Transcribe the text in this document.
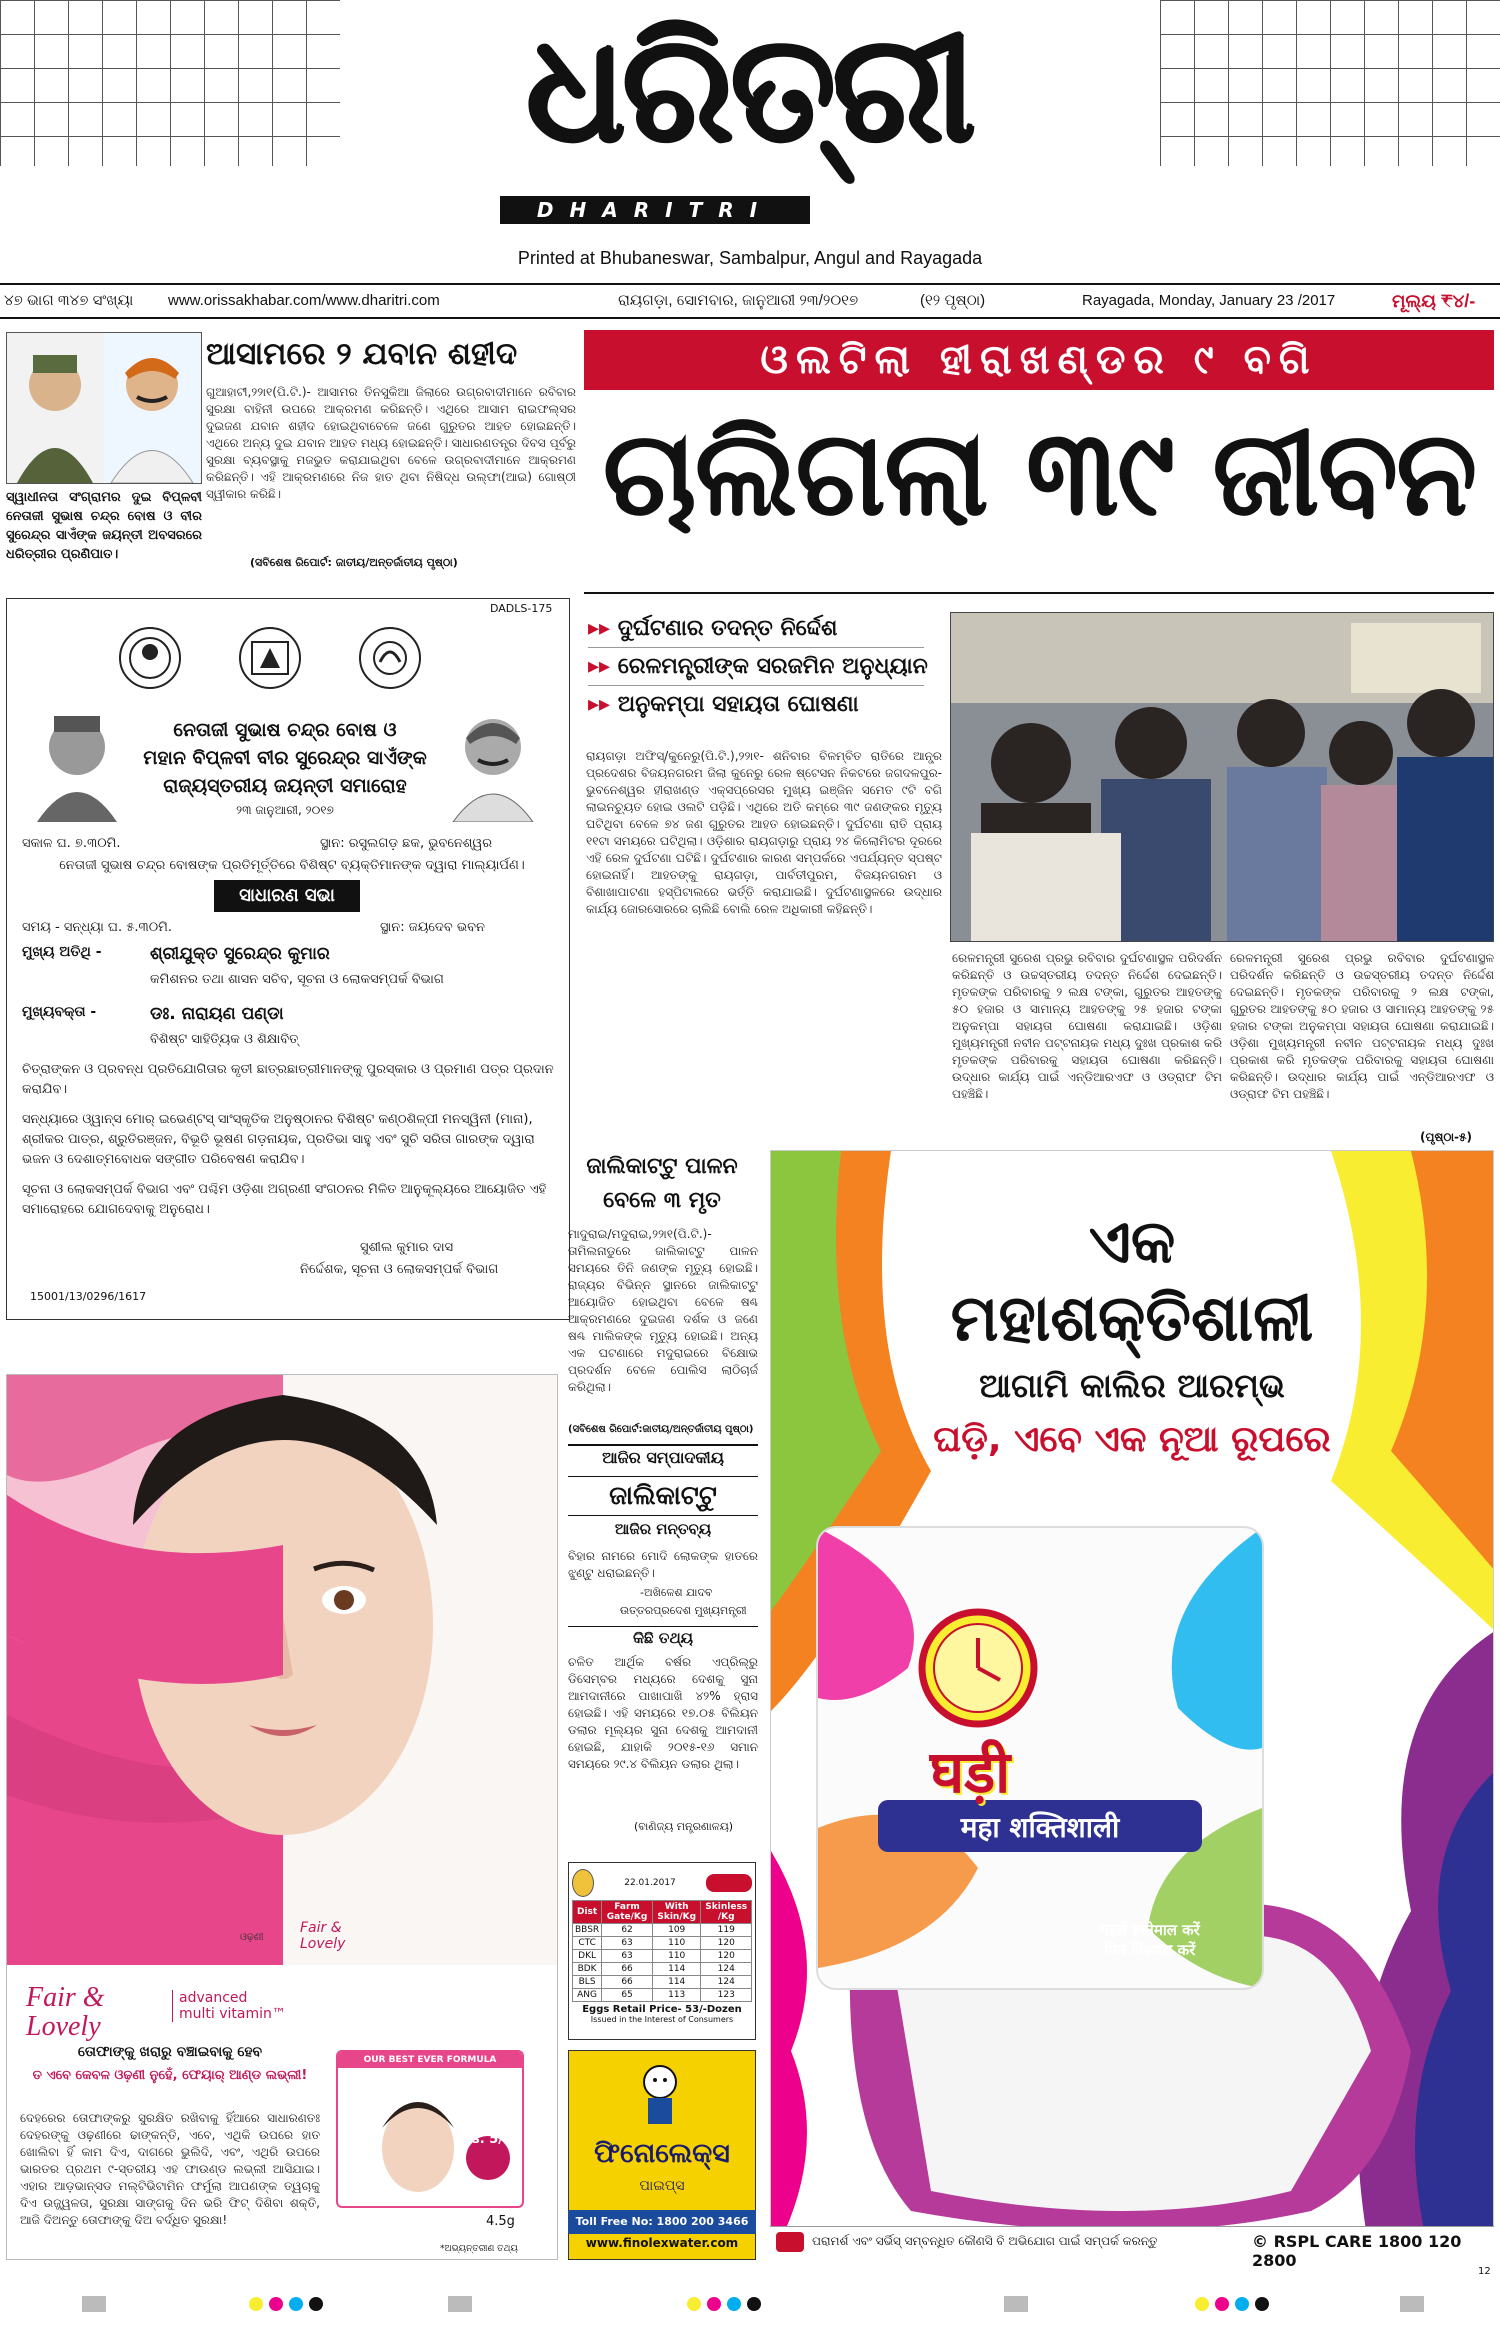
ଧରିତ୍ରୀ
DHARITRI
Printed at Bhubaneswar, Sambalpur, Angul and Rayagada
୪୭ ଭାଗ ୩୪୭ ସଂଖ୍ୟା www.orissakhabar.com/www.dharitri.com	ରାୟଗଡ଼ା, ସୋମବାର, ଜାନୁଆରୀ ୨୩/୨୦୧୭	(୧୨ ପୃଷ୍ଠା)	Rayagada, Monday, January 23 /2017	ମୂଲ୍ୟ ₹୪/-
ସ୍ୱାଧୀନତା ସଂଗ୍ରାମର ଦୁଇ ବିପ୍ଳବୀ ନେତାଜୀ ସୁଭାଷ ଚନ୍ଦ୍ର ବୋଷ ଓ ବୀର ସୁରେନ୍ଦ୍ର ସାଏଁଙ୍କ ଜୟନ୍ତୀ ଅବସରରେ ଧରିତ୍ରୀର ପ୍ରଣିପାତ।
ଆସାମରେ ୨ ଯବାନ ଶହୀଦ
ଗୁଆହାଟୀ,୨୨ା୧(ପି.ଟି.)- ଆସାମର ତିନସୁକିଆ ଜିଲାରେ ଉଗ୍ରବାଦୀମାନେ ରବିବାର ସୁରକ୍ଷା ବାହିନୀ ଉପରେ ଆକ୍ରମଣ କରିଛନ୍ତି। ଏଥିରେ ଆସାମ ରାଇଫଲ୍ସର ଦୁଇଜଣ ଯବାନ ଶହୀଦ ହୋଇଥିବାବେଳେ ଜଣେ ଗୁରୁତର ଆହତ ହୋଇଛନ୍ତି। ଏଥିରେ ଅନ୍ୟ ଦୁଇ ଯବାନ ଆହତ ମଧ୍ୟ ହୋଇଛନ୍ତି। ସାଧାରଣତନ୍ତ୍ର ଦିବସ ପୂର୍ବରୁ ସୁରକ୍ଷା ବ୍ୟବସ୍ଥାକୁ ମଜଭୁତ କରାଯାଇଥିବା ବେଳେ ଉଗ୍ରବାଦୀମାନେ ଆକ୍ରମଣ କରିଛନ୍ତି। ଏହି ଆକ୍ରମଣରେ ନିଜ ହାତ ଥିବା ନିଷିଦ୍ଧ ଉଲ୍‌ଫା(ଆଇ) ଗୋଷ୍ଠୀ ସ୍ୱୀକାର କରିଛି।
(ସବିଶେଷ ରିପୋର୍ଟ: ଜାତୀୟ/ଅନ୍ତର୍ଜାତୀୟ ପୃଷ୍ଠା)
ଓଲଟିଲା ହୀରାଖଣ୍ଡର ୯ ବଗି
ଚାଲିଗଲା ୩୯ ଜୀବନ
▸▸ ଦୁର୍ଘଟଣାର ତଦନ୍ତ ନିର୍ଦ୍ଦେଶ
▸▸ ରେଳମନ୍ତ୍ରୀଙ୍କ ସରଜମିନ ଅନୁଧ୍ୟାନ
▸▸ ଅନୁକମ୍ପା ସହାୟତା ଘୋଷଣା
ରାୟଗଡ଼ା ଅଫିସ୍/କୁନେରୁ(ପି.ଟି.),୨୨ା୧- ଶନିବାର ବିଳମ୍ବିତ ରାତିରେ ଆନ୍ଧ୍ର ପ୍ରଦେଶର ବିଜୟନଗରମ ଜିଲା କୁନେରୁ ରେଳ ଷ୍ଟେସନ ନିକଟରେ ଜଗଦଳପୁର-ଭୁବନେଶ୍ୱର ହୀରାଖଣ୍ଡ ଏକ୍ସପ୍ରେସର ମୁଖ୍ୟ ଇଞ୍ଜିନ ସମେତ ୯ଟି ବଗି ଲାଇନଚ୍ୟୁତ ହୋଇ ଓଲଟି ପଡ଼ିଛି। ଏଥିରେ ଅତି କମ୍‌ରେ ୩୯ ଜଣଙ୍କର ମୃତ୍ୟୁ ଘଟିଥିବା ବେଳେ ୭୪ ଜଣ ଗୁରୁତର ଆହତ ହୋଇଛନ୍ତି। ଦୁର୍ଘଟଣା ରାତି ପ୍ରାୟ ୧୧ଟା ସମୟରେ ଘଟିଥିଲା। ଓଡ଼ିଶାର ରାୟଗଡ଼ାରୁ ପ୍ରାୟ ୨୪ କିଲୋମିଟର ଦୂରରେ ଏହି ରେଳ ଦୁର୍ଘଟଣା ଘଟିଛି। ଦୁର୍ଘଟଣାର କାରଣ ସମ୍ପର୍କରେ ଏପର୍ଯ୍ୟନ୍ତ ସ୍ପଷ୍ଟ ହୋଇନାହିଁ। ଆହତଙ୍କୁ ରାୟଗଡ଼ା, ପାର୍ବତୀପୁରମ, ବିଜୟନଗରମ ଓ ବିଶାଖାପାଟଣା ହସ୍ପିଟାଲରେ ଭର୍ତ୍ତି କରାଯାଇଛି। ଦୁର୍ଘଟଣାସ୍ଥଳରେ ଉଦ୍ଧାର କାର୍ଯ୍ୟ ଜୋରସୋରରେ ଚାଲିଛି ବୋଲି ରେଳ ଅଧିକାରୀ କହିଛନ୍ତି।
ରେଳମନ୍ତ୍ରୀ ସୁରେଶ ପ୍ରଭୁ ରବିବାର ଦୁର୍ଘଟଣାସ୍ଥଳ ପରିଦର୍ଶନ କରିଛନ୍ତି ଓ ଉଚ୍ଚସ୍ତରୀୟ ତଦନ୍ତ ନିର୍ଦ୍ଦେଶ ଦେଇଛନ୍ତି। ମୃତକଙ୍କ ପରିବାରକୁ ୨ ଲକ୍ଷ ଟଙ୍କା, ଗୁରୁତର ଆହତଙ୍କୁ ୫୦ ହଜାର ଓ ସାମାନ୍ୟ ଆହତଙ୍କୁ ୨୫ ହଜାର ଟଙ୍କା ଅନୁକମ୍ପା ସହାୟତା ଘୋଷଣା କରାଯାଇଛି। ଓଡ଼ିଶା ମୁଖ୍ୟମନ୍ତ୍ରୀ ନବୀନ ପଟ୍ଟନାୟକ ମଧ୍ୟ ଦୁଃଖ ପ୍ରକାଶ କରି ମୃତକଙ୍କ ପରିବାରକୁ ସହାୟତା ଘୋଷଣା କରିଛନ୍ତି। ଉଦ୍ଧାର କାର୍ଯ୍ୟ ପାଇଁ ଏନ୍‌ଡିଆରଏଫ ଓ ଓଡ୍ରାଫ ଟିମ ପହଞ୍ଚିଛି।
ରେଳମନ୍ତ୍ରୀ ସୁରେଶ ପ୍ରଭୁ ରବିବାର ଦୁର୍ଘଟଣାସ୍ଥଳ ପରିଦର୍ଶନ କରିଛନ୍ତି ଓ ଉଚ୍ଚସ୍ତରୀୟ ତଦନ୍ତ ନିର୍ଦ୍ଦେଶ ଦେଇଛନ୍ତି। ମୃତକଙ୍କ ପରିବାରକୁ ୨ ଲକ୍ଷ ଟଙ୍କା, ଗୁରୁତର ଆହତଙ୍କୁ ୫୦ ହଜାର ଓ ସାମାନ୍ୟ ଆହତଙ୍କୁ ୨୫ ହଜାର ଟଙ୍କା ଅନୁକମ୍ପା ସହାୟତା ଘୋଷଣା କରାଯାଇଛି। ଓଡ଼ିଶା ମୁଖ୍ୟମନ୍ତ୍ରୀ ନବୀନ ପଟ୍ଟନାୟକ ମଧ୍ୟ ଦୁଃଖ ପ୍ରକାଶ କରି ମୃତକଙ୍କ ପରିବାରକୁ ସହାୟତା ଘୋଷଣା କରିଛନ୍ତି। ଉଦ୍ଧାର କାର୍ଯ୍ୟ ପାଇଁ ଏନ୍‌ଡିଆରଏଫ ଓ ଓଡ୍ରାଫ ଟିମ ପହଞ୍ଚିଛି।
(ପୃଷ୍ଠା-୫)
DADLS-175
ନେତାଜୀ ସୁଭାଷ ଚନ୍ଦ୍ର ବୋଷ ଓ
ମହାନ ବିପ୍ଳବୀ ବୀର ସୁରେନ୍ଦ୍ର ସାଏଁଙ୍କ
ରାଜ୍ୟସ୍ତରୀୟ ଜୟନ୍ତୀ ସମାରୋହ
୨୩ ଜାନୁଆରୀ, ୨୦୧୭
ସକାଳ ଘ. ୭.୩୦ମି.	ସ୍ଥାନ: ରସୁଲଗଡ଼ ଛକ, ଭୁବନେଶ୍ୱର
ନେତାଜୀ ସୁଭାଷ ଚନ୍ଦ୍ର ବୋଷଙ୍କ ପ୍ରତିମୂର୍ତ୍ତିରେ ବିଶିଷ୍ଟ ବ୍ୟକ୍ତିମାନଙ୍କ ଦ୍ୱାରା ମାଲ୍ୟାର୍ପଣ।
ସାଧାରଣ ସଭା
ସମୟ - ସନ୍ଧ୍ୟା ଘ. ୫.୩୦ମି.	ସ୍ଥାନ: ଜୟଦେବ ଭବନ
ମୁଖ୍ୟ ଅତିଥି -	ଶ୍ରୀଯୁକ୍ତ ସୁରେନ୍ଦ୍ର କୁମାର
କମିଶନର ତଥା ଶାସନ ସଚିବ, ସୂଚନା ଓ ଲୋକସମ୍ପର୍କ ବିଭାଗ
ମୁଖ୍ୟବକ୍ତା -	ଡଃ. ନାରାୟଣ ପଣ୍ଡା
ବିଶିଷ୍ଟ ସାହିତ୍ୟିକ ଓ ଶିକ୍ଷାବିତ୍
ଚିତ୍ରାଙ୍କନ ଓ ପ୍ରବନ୍ଧ ପ୍ରତିଯୋଗିତାର କୃତୀ ଛାତ୍ରଛାତ୍ରୀମାନଙ୍କୁ ପୁରସ୍କାର ଓ ପ୍ରମାଣ ପତ୍ର ପ୍ରଦାନ କରାଯିବ।
ସନ୍ଧ୍ୟାରେ ଓ୍ୱାନ୍‌ସ ମୋର୍ ଇଭେଣ୍ଟସ୍ ସାଂସ୍କୃତିକ ଅନୁଷ୍ଠାନର ବିଶିଷ୍ଟ କଣ୍ଠଶିଳ୍ପୀ ମନସ୍ୱିନୀ (ମାନା), ଶ୍ରୀକର ପାତ୍ର, ଶ୍ରୁତିରଞ୍ଜନ, ବିଭୂତି ଭୂଷଣ ଗଡ଼ନାୟକ, ପ୍ରତିଭା ସାହୁ ଏବଂ ସୁଚି ସରିତା ଗାରଙ୍କ ଦ୍ୱାରା ଭଜନ ଓ ଦେଶାତ୍ମବୋଧକ ସଙ୍ଗୀତ ପରିବେଷଣ କରାଯିବ।
ସୂଚନା ଓ ଲୋକସମ୍ପର୍କ ବିଭାଗ ଏବଂ ପଶ୍ଚିମ ଓଡ଼ିଶା ଅଗ୍ରଣୀ ସଂଗଠନର ମିଳିତ ଆନୁକୂଲ୍ୟରେ ଆୟୋଜିତ ଏହି ସମାରୋହରେ ଯୋଗଦେବାକୁ ଅନୁରୋଧ।
ସୁଶୀଲ କୁମାର ଦାସ
ନିର୍ଦ୍ଦେଶକ, ସୂଚନା ଓ ଲୋକସମ୍ପର୍କ ବିଭାଗ
15001/13/0296/1617
ଜାଲିକାଟ୍ଟୁ ପାଳନ ବେଳେ ୩ ମୃତ
ମାଦୁରାଇ/ମଦୁରାଇ,୨୨ା୧(ପି.ଟି.)- ତାମିଲନାଡୁରେ ଜାଲିକାଟ୍ଟୁ ପାଳନ ସମୟରେ ତିନି ଜଣଙ୍କ ମୃତ୍ୟୁ ହୋଇଛି। ରାଜ୍ୟର ବିଭିନ୍ନ ସ୍ଥାନରେ ଜାଲିକାଟ୍ଟୁ ଆୟୋଜିତ ହୋଇଥିବା ବେଳେ ଷଣ୍ଢ ଆକ୍ରମଣରେ ଦୁଇଜଣ ଦର୍ଶକ ଓ ଜଣେ ଷଣ୍ଢ ମାଲିକଙ୍କ ମୃତ୍ୟୁ ହୋଇଛି। ଅନ୍ୟ ଏକ ଘଟଣାରେ ମଦୁରାଇରେ ବିକ୍ଷୋଭ ପ୍ରଦର୍ଶନ ବେଳେ ପୋଲିସ ଲାଠିଚାର୍ଜ କରିଥିଲା।
(ସବିଶେଷ ରିପୋର୍ଟ:ଜାତୀୟ/ଅନ୍ତର୍ଜାତୀୟ ପୃଷ୍ଠା)
ଆଜିର ସମ୍ପାଦକୀୟ
ଜାଲିକାଟ୍ଟୁ
ଆଜିର ମନ୍ତବ୍ୟ
ବିହାର ନାମରେ ମୋଦି ଲୋକଙ୍କ ହାତରେ ଝୁଣ୍ଟୁ ଧରାଇଛନ୍ତି।
-ଅଖିଳେଶ ଯାଦବ
ଉତ୍ତରପ୍ରଦେଶ ମୁଖ୍ୟମନ୍ତ୍ରୀ
କିଛି ତଥ୍ୟ
ଚଳିତ ଆର୍ଥିକ ବର୍ଷର ଏପ୍ରିଲ୍‌ରୁ ଡିସେମ୍ବର ମଧ୍ୟରେ ଦେଶକୁ ସୁନା ଆମଦାନୀରେ ପାଖାପାଖି ୪୨% ହ୍ରାସ ହୋଇଛି। ଏହି ସମୟରେ ୧୭.୦୫ ବିଲିୟନ ଡଲାର ମୂଲ୍ୟର ସୁନା ଦେଶକୁ ଆମଦାନୀ ହୋଇଛି, ଯାହାକି ୨୦୧୫-୧୬ ସମାନ ସମୟରେ ୨୯.୪ ବିଲିୟନ ଡଲାର ଥିଲା।
(ବାଣିଜ୍ୟ ମନ୍ତ୍ରଣାଳୟ)
22.01.2017
Dist	Farm Gate/Kg	With Skin/Kg	Skinless /Kg
BBSR	62	109	119
CTC	63	110	120
DKL	63	110	120
BDK	66	114	124
BLS	66	114	124
ANG	65	113	123
Eggs Retail Price- 53/-Dozen
Issued in the Interest of Consumers
ଫିନୋଲେକ୍ସ
ପାଇପ୍‌ସ
Toll Free No: 1800 200 3466
www.finolexwater.com
ଏକ
ମହାଶକ୍ତିଶାଳୀ
ଆଗାମି କାଲିର ଆରମ୍ଭ
ଘଡ଼ି, ଏବେ ଏକ ନୂଆ ରୂପରେ
घड़ी
महा शक्तिशाली
पहले इस्तेमाल करें
फिर विश्वास करें
ପରାମର୍ଶ ଏବଂ ସର୍ଭିସ୍ ସମ୍ବନ୍ଧିତ କୌଣସି ବି ଅଭିଯୋଗ ପାଇଁ ସମ୍ପର୍କ କରନ୍ତୁ	© RSPL CARE 1800 120 2800
ଓଢ଼ଣୀ
Fair &
Lovely
Fair &
Lovely
advanced
multi vitamin™
ତୋଫାଙ୍କୁ ଖରାରୁ ବଞ୍ଚାଇବାକୁ ହେବ
ତ ଏବେ କେବଳ ଓଢ଼ଣୀ ନୁହେଁ, ଫେୟାର୍ ଆଣ୍ଡ ଲଭ୍‌ଲୀ!
ଦେହରେର ତୋଫାଙ୍କରୁ ସୁରକ୍ଷିତ ରଖିବାକୁ ହିଁଆରେ ସାଧାରଣତଃ ଦେହରଙ୍କୁ ଓଢ଼ଣୀରେ ଢାଙ୍କନ୍ତି, ଏବେ, ଏଥିକି ଉପରେ ହାତ ଖୋଲିବା ହିଁ କାମ ଦିଏ, ଦାଗରେ ଭୁଲିଦି, ଏବଂ, ଏଥିରି ଉପରେ ଭାରତର ପ୍ରଥମ ୯-ସ୍ତରୀୟ ଏହ ଫାଉଣ୍ଡ ଲଭ୍‌ଲୀ ଆସିଯାଇ। ଏହାର ଆଡ଼ଭାନ୍ସଡ ମଲ୍ଟିଭିଟାମିନ ଫର୍ମୁଲା ଆପଣଙ୍କ ତ୍ୱଚାକୁ ଦିଏ ଉଜ୍ଜ୍ୱଳତା, ସୁରକ୍ଷା ସାଙ୍ଗକୁ ଦିନ ଭରି ଫିଟ୍ ଦିଶିବା ଶକ୍ତି, ଆଜି ଦିଅନ୍ତୁ ତୋଫାଙ୍କୁ ଦିଅ ବର୍ଦ୍ଧିତ ସୁରକ୍ଷା!
OUR BEST EVER FORMULA
Rs. 5/-
4.5g
*ଅଭ୍ୟନ୍ତରୀଣ ତଥ୍ୟ
12
